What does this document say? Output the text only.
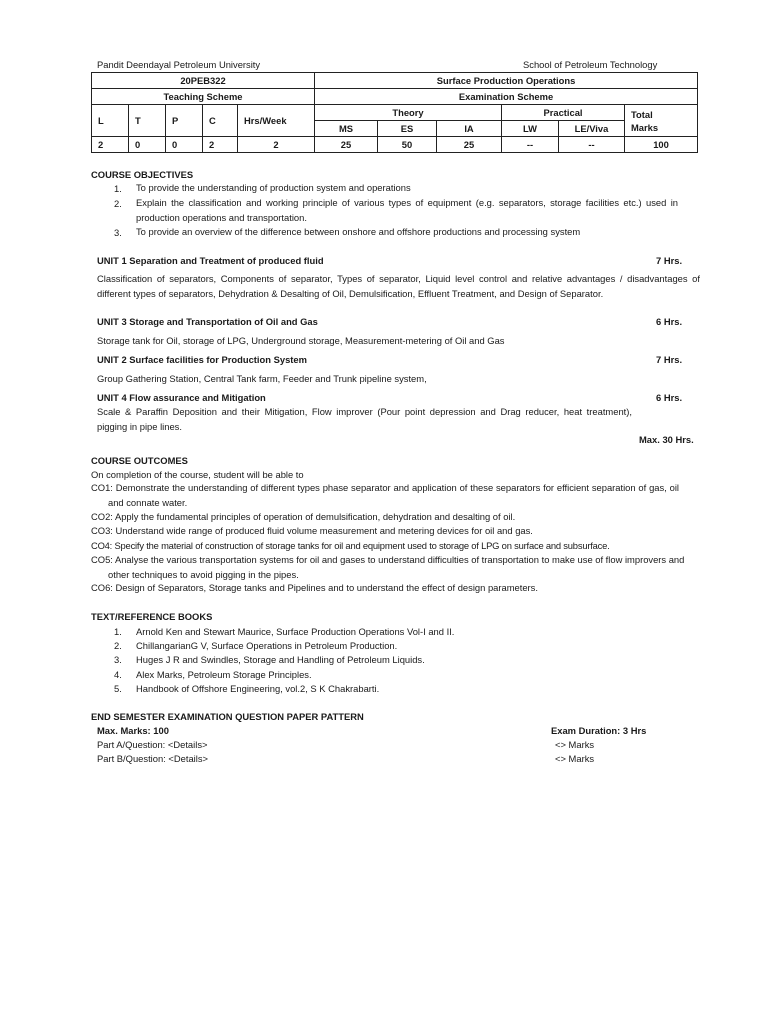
Pandit Deendayal Petroleum University	School of Petroleum Technology
20PEB322					Surface Production Operations					
Teaching Scheme					Examination Scheme					
L	T	P	C	Hrs/Week	Theory			Practical		Total
Marks
					MS	ES	IA	LW	LE/Viva	
2	0	0	2	2	25	50	25	--	--	100
COURSE OBJECTIVES
1. To provide the understanding of production system and operations
2. Explain the classification and working principle of various types of equipment (e.g. separators, storage facilities etc.) used in production operations and transportation.
3. To provide an overview of the difference between onshore and offshore productions and processing system
UNIT 1 Separation and Treatment of produced fluid	7 Hrs.
Classification of separators, Components of separator, Types of separator, Liquid level control and relative advantages / disadvantages of different types of separators, Dehydration & Desalting of Oil, Demulsification, Effluent Treatment, and Design of Separator.
UNIT 3 Storage and Transportation of Oil and Gas	6 Hrs.
Storage tank for Oil, storage of LPG, Underground storage, Measurement-metering of Oil and Gas
UNIT 2 Surface facilities for Production System	7 Hrs.
Group Gathering Station, Central Tank farm, Feeder and Trunk pipeline system,
UNIT 4 Flow assurance and Mitigation	6 Hrs.
Scale & Paraffin Deposition and their Mitigation, Flow improver (Pour point depression and Drag reducer, heat treatment), pigging in pipe lines.
Max. 30 Hrs.
COURSE OUTCOMES
On completion of the course, student will be able to
CO1: Demonstrate the understanding of different types phase separator and application of these separators for efficient separation of gas, oil and connate water.
CO2: Apply the fundamental principles of operation of demulsification, dehydration and desalting of oil.
CO3: Understand wide range of produced fluid volume measurement and metering devices for oil and gas.
CO4: Specify the material of construction of storage tanks for oil and equipment used to storage of LPG on surface and subsurface.
CO5: Analyse the various transportation systems for oil and gases to understand difficulties of transportation to make use of flow improvers and other techniques to avoid pigging in the pipes.
CO6: Design of Separators, Storage tanks and Pipelines and to understand the effect of design parameters.
TEXT/REFERENCE BOOKS
1. Arnold Ken and Stewart Maurice, Surface Production Operations Vol-I and II.
2. ChillangarianG V, Surface Operations in Petroleum Production.
3. Huges J R and Swindles, Storage and Handling of Petroleum Liquids.
4. Alex Marks, Petroleum Storage Principles.
5. Handbook of Offshore Engineering, vol.2, S K Chakrabarti.
END SEMESTER EXAMINATION QUESTION PAPER PATTERN
Max. Marks: 100	Exam Duration: 3 Hrs
Part A/Question: <Details>	<> Marks
Part B/Question: <Details>	<> Marks
